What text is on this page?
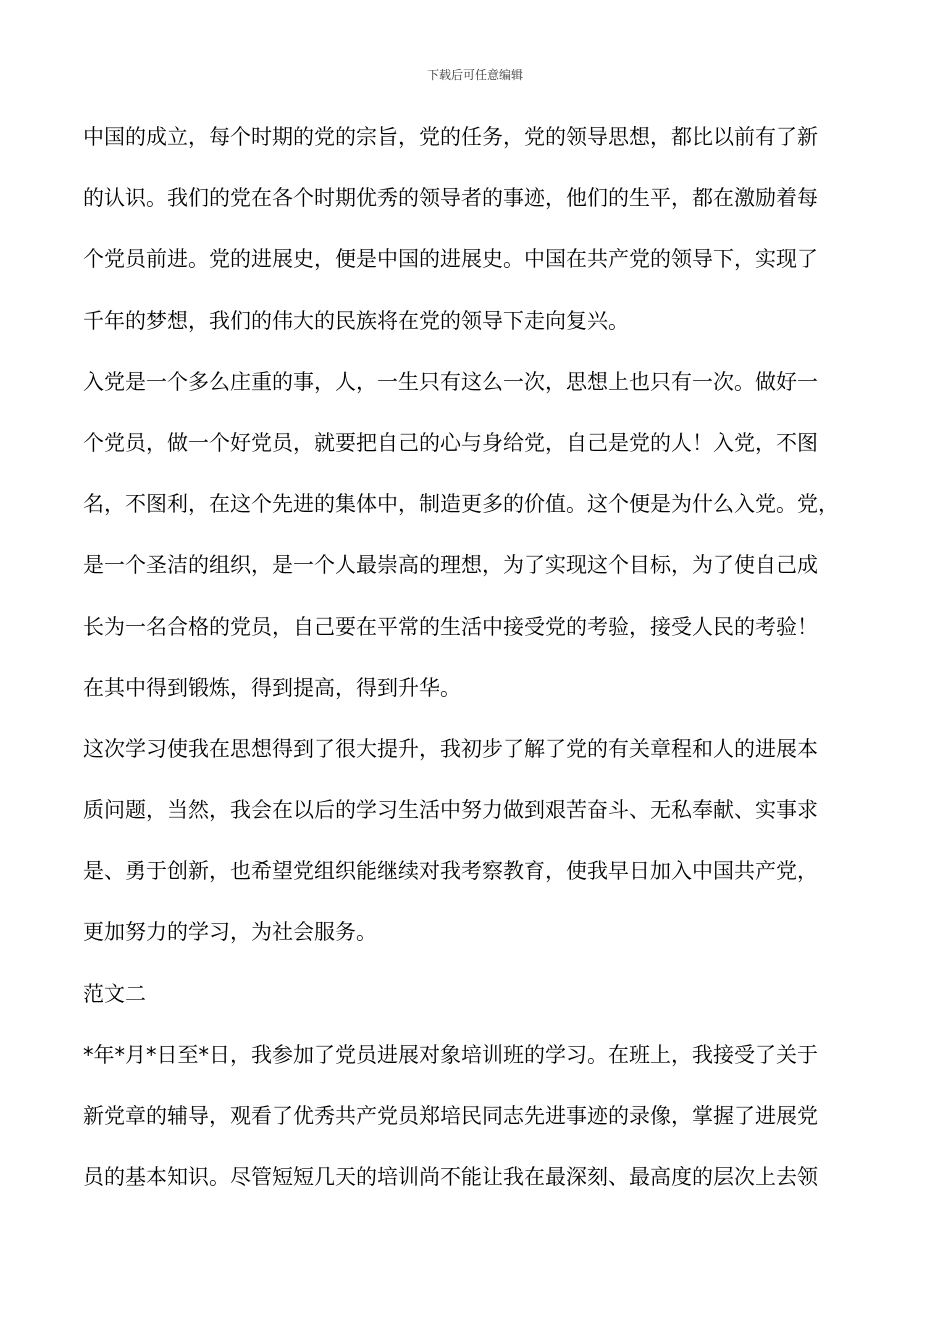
下载后可任意编辑
中国的成立，每个时期的党的宗旨，党的任务，党的领导思想，都比以前有了新
的认识。我们的党在各个时期优秀的领导者的事迹，他们的生平，都在激励着每
个党员前进。党的进展史，便是中国的进展史。中国在共产党的领导下，实现了
千年的梦想，我们的伟大的民族将在党的领导下走向复兴。
入党是一个多么庄重的事，人，一生只有这么一次，思想上也只有一次。做好一
个党员，做一个好党员，就要把自己的心与身给党，自己是党的人！入党，不图
名，不图利，在这个先进的集体中，制造更多的价值。这个便是为什么入党。党，
是一个圣洁的组织，是一个人最崇高的理想，为了实现这个目标，为了使自己成
长为一名合格的党员，自己要在平常的生活中接受党的考验，接受人民的考验！
在其中得到锻炼，得到提高，得到升华。
这次学习使我在思想得到了很大提升，我初步了解了党的有关章程和人的进展本
质问题，当然，我会在以后的学习生活中努力做到艰苦奋斗、无私奉献、实事求
是、勇于创新，也希望党组织能继续对我考察教育，使我早日加入中国共产党，
更加努力的学习，为社会服务。
范文二
*年*月*日至*日，我参加了党员进展对象培训班的学习。在班上，我接受了关于
新党章的辅导，观看了优秀共产党员郑培民同志先进事迹的录像，掌握了进展党
员的基本知识。尽管短短几天的培训尚不能让我在最深刻、最高度的层次上去领
